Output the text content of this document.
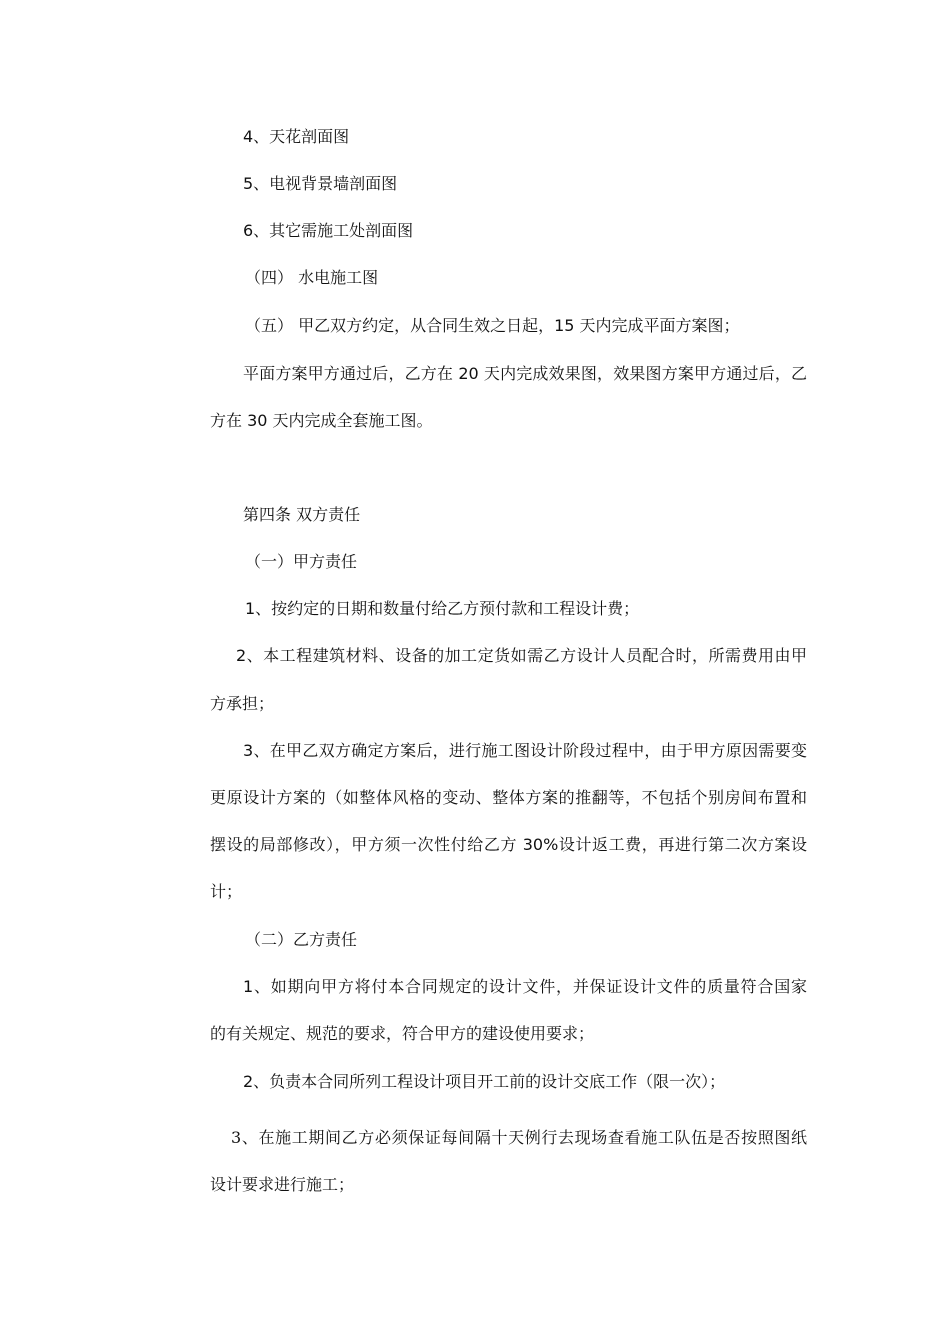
4、天花剖面图

5、电视背景墙剖面图

6、其它需施工处剖面图

（四） 水电施工图

（五） 甲乙双方约定，从合同生效之日起，15 天内完成平面方案图；

平面方案甲方通过后，乙方在 20 天内完成效果图，效果图方案甲方通过后，乙

方在 30 天内完成全套施工图。

第四条 双方责任

（一）甲方责任

1、按约定的日期和数量付给乙方预付款和工程设计费；

2、本工程建筑材料、设备的加工定货如需乙方设计人员配合时，所需费用由甲

方承担；

3、在甲乙双方确定方案后，进行施工图设计阶段过程中，由于甲方原因需要变

更原设计方案的（如整体风格的变动、整体方案的推翻等，不包括个别房间布置和

摆设的局部修改），甲方须一次性付给乙方 30%设计返工费，再进行第二次方案设

计；

（二）乙方责任

1、如期向甲方将付本合同规定的设计文件，并保证设计文件的质量符合国家

的有关规定、规范的要求，符合甲方的建设使用要求；

2、负责本合同所列工程设计项目开工前的设计交底工作（限一次）；

3、在施工期间乙方必须保证每间隔十天例行去现场查看施工队伍是否按照图纸

设计要求进行施工；
